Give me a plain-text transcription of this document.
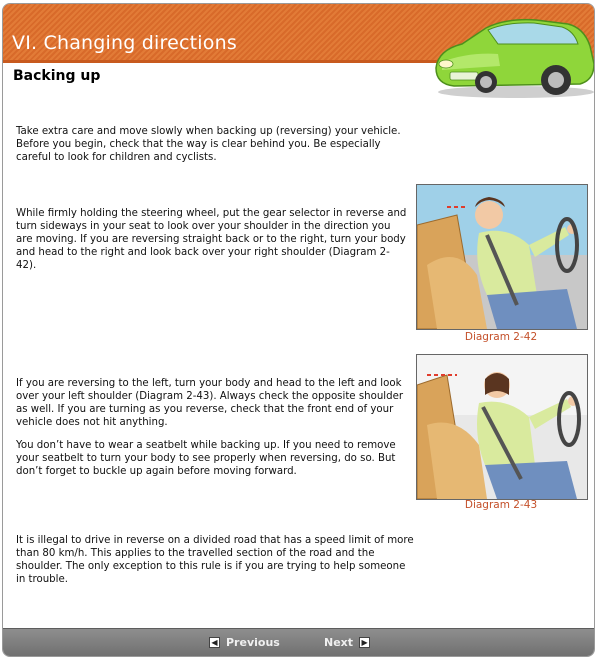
VI. Changing directions
Backing up

Take extra care and move slowly when backing up (reversing) your vehicle. Before you begin, check that the way is clear behind you. Be especially careful to look for children and cyclists.

While firmly holding the steering wheel, put the gear selector in reverse and turn sideways in your seat to look over your shoulder in the direction you are moving. If you are reversing straight back or to the right, turn your body and head to the right and look back over your right shoulder (Diagram 2-42).

If you are reversing to the left, turn your body and head to the left and look over your left shoulder (Diagram 2-43). Always check the opposite shoulder as well. If you are turning as you reverse, check that the front end of your vehicle does not hit anything.

You don’t have to wear a seatbelt while backing up. If you need to remove your seatbelt to turn your body to see properly when reversing, do so. But don’t forget to buckle up again before moving forward.

It is illegal to drive in reverse on a divided road that has a speed limit of more than 80 km/h. This applies to the travelled section of the road and the shoulder. The only exception to this rule is if you are trying to help someone in trouble.

Diagram 2-42
Diagram 2-43
◀ Previous	Next ▶
